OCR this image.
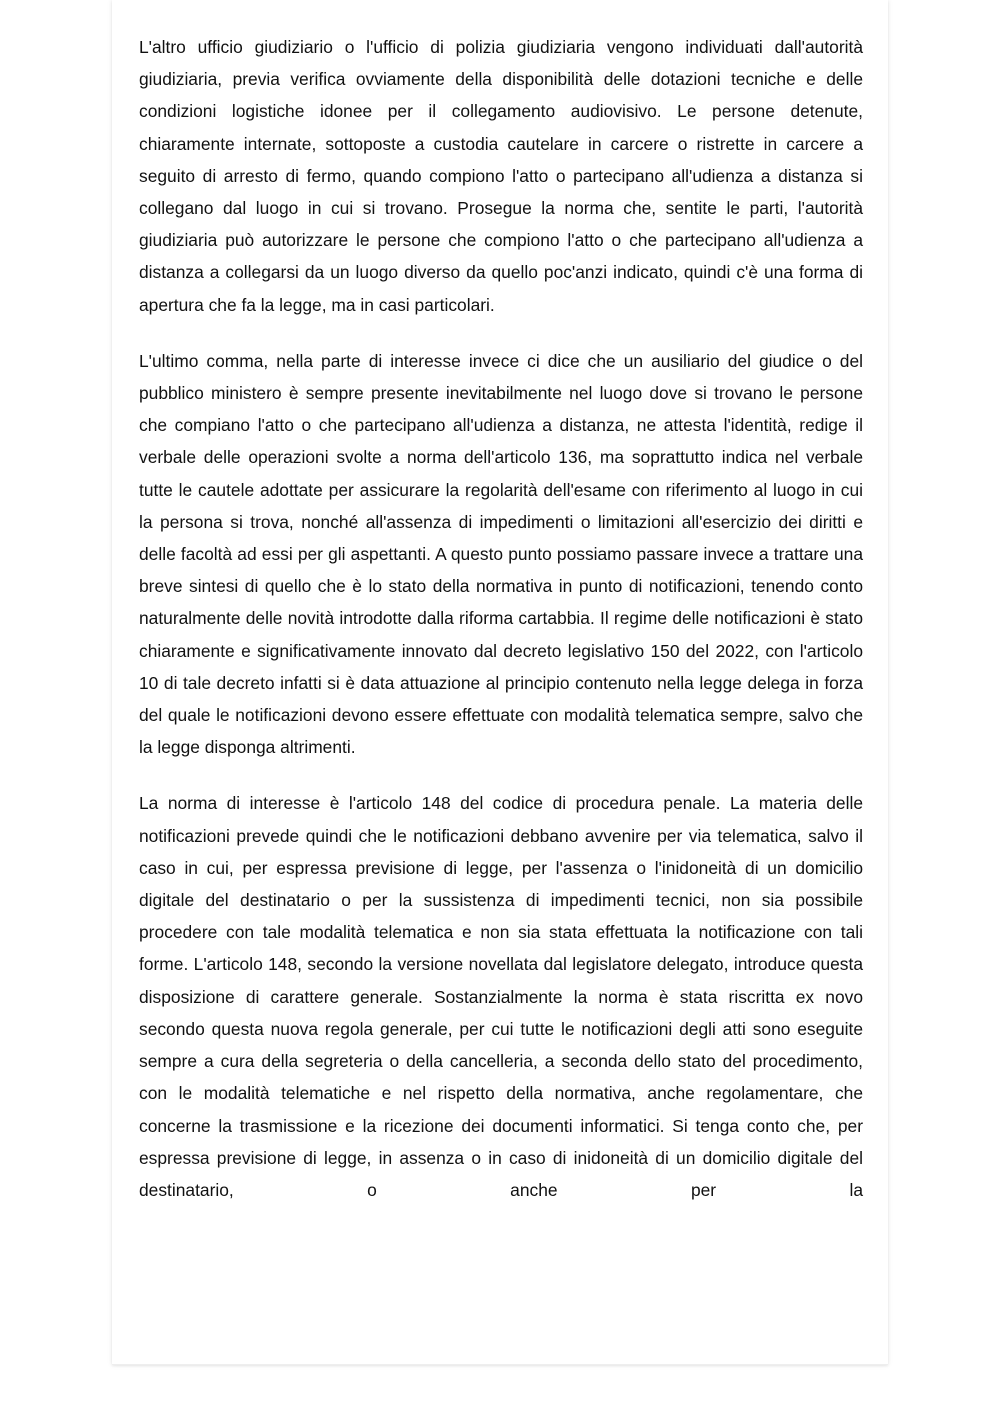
L'altro ufficio giudiziario o l'ufficio di polizia giudiziaria vengono individuati dall'autorità giudiziaria, previa verifica ovviamente della disponibilità delle dotazioni tecniche e delle condizioni logistiche idonee per il collegamento audiovisivo. Le persone detenute, chiaramente internate, sottoposte a custodia cautelare in carcere o ristrette in carcere a seguito di arresto di fermo, quando compiono l'atto o partecipano all'udienza a distanza si collegano dal luogo in cui si trovano. Prosegue la norma che, sentite le parti, l'autorità giudiziaria può autorizzare le persone che compiono l'atto o che partecipano all'udienza a distanza a collegarsi da un luogo diverso da quello poc'anzi indicato, quindi c'è una forma di apertura che fa la legge, ma in casi particolari.

L'ultimo comma, nella parte di interesse invece ci dice che un ausiliario del giudice o del pubblico ministero è sempre presente inevitabilmente nel luogo dove si trovano le persone che compiano l'atto o che partecipano all'udienza a distanza, ne attesta l'identità, redige il verbale delle operazioni svolte a norma dell'articolo 136, ma soprattutto indica nel verbale tutte le cautele adottate per assicurare la regolarità dell'esame con riferimento al luogo in cui la persona si trova, nonché all'assenza di impedimenti o limitazioni all'esercizio dei diritti e delle facoltà ad essi per gli aspettanti. A questo punto possiamo passare invece a trattare una breve sintesi di quello che è lo stato della normativa in punto di notificazioni, tenendo conto naturalmente delle novità introdotte dalla riforma cartabbia. Il regime delle notificazioni è stato chiaramente e significativamente innovato dal decreto legislativo 150 del 2022, con l'articolo 10 di tale decreto infatti si è data attuazione al principio contenuto nella legge delega in forza del quale le notificazioni devono essere effettuate con modalità telematica sempre, salvo che la legge disponga altrimenti.

La norma di interesse è l'articolo 148 del codice di procedura penale. La materia delle notificazioni prevede quindi che le notificazioni debbano avvenire per via telematica, salvo il caso in cui, per espressa previsione di legge, per l'assenza o l'inidoneità di un domicilio digitale del destinatario o per la sussistenza di impedimenti tecnici, non sia possibile procedere con tale modalità telematica e non sia stata effettuata la notificazione con tali forme. L'articolo 148, secondo la versione novellata dal legislatore delegato, introduce questa disposizione di carattere generale. Sostanzialmente la norma è stata riscritta ex novo secondo questa nuova regola generale, per cui tutte le notificazioni degli atti sono eseguite sempre a cura della segreteria o della cancelleria, a seconda dello stato del procedimento, con le modalità telematiche e nel rispetto della normativa, anche regolamentare, che concerne la trasmissione e la ricezione dei documenti informatici. Si tenga conto che, per espressa previsione di legge, in assenza o in caso di inidoneità di un domicilio digitale del destinatario, o anche per la
